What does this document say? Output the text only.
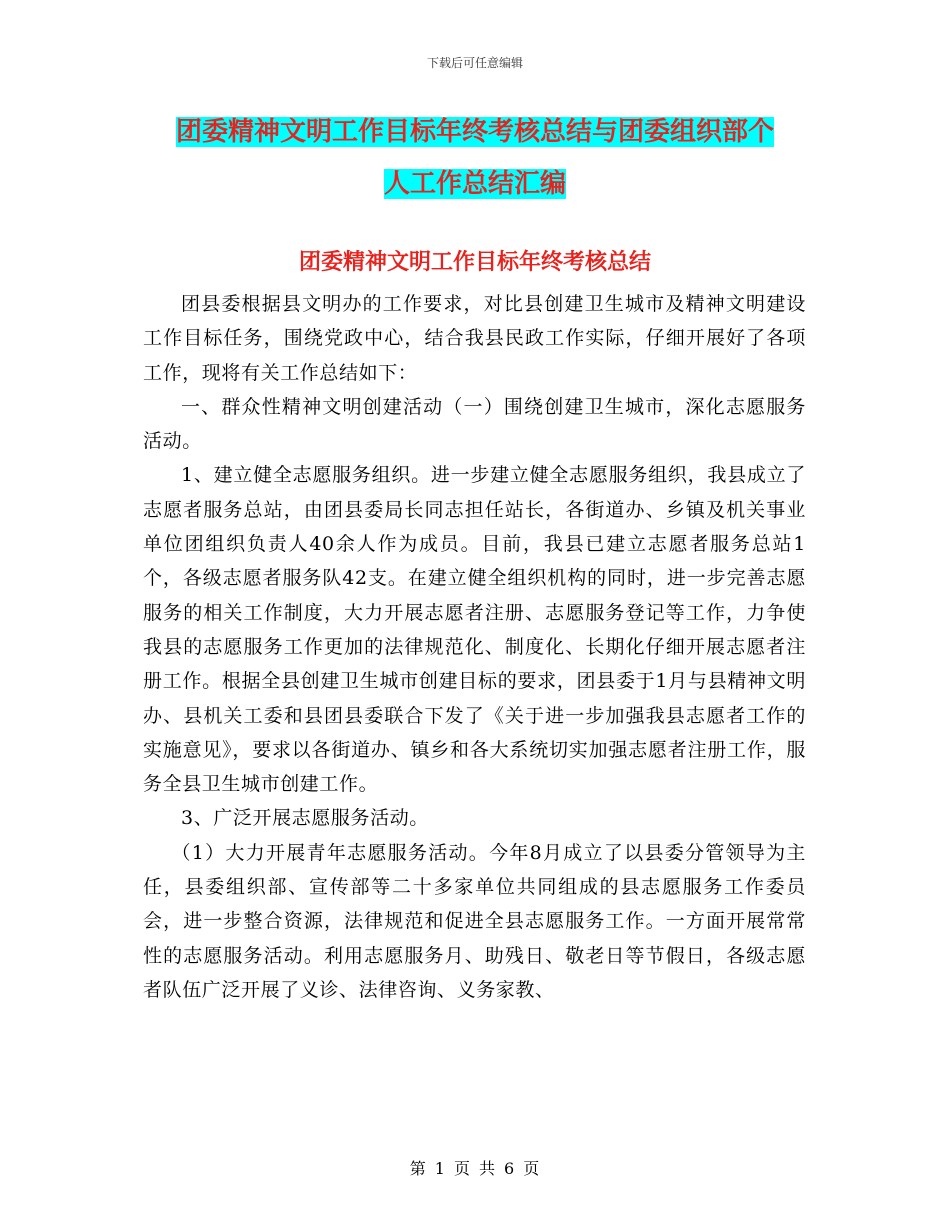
下载后可任意编辑
团委精神文明工作目标年终考核总结与团委组织部个
人工作总结汇编
团委精神文明工作目标年终考核总结

团县委根据县文明办的工作要求，对比县创建卫生城市及精神文明建设工作目标任务，围绕党政中心，结合我县民政工作实际，仔细开展好了各项工作，现将有关工作总结如下：

一、群众性精神文明创建活动（一）围绕创建卫生城市，深化志愿服务活动。

1、建立健全志愿服务组织。进一步建立健全志愿服务组织，我县成立了志愿者服务总站，由团县委局长同志担任站长，各街道办、乡镇及机关事业单位团组织负责人40余人作为成员。目前，我县已建立志愿者服务总站1个，各级志愿者服务队42支。在建立健全组织机构的同时，进一步完善志愿服务的相关工作制度，大力开展志愿者注册、志愿服务登记等工作，力争使我县的志愿服务工作更加的法律规范化、制度化、长期化仔细开展志愿者注册工作。根据全县创建卫生城市创建目标的要求，团县委于1月与县精神文明办、县机关工委和县团县委联合下发了《关于进一步加强我县志愿者工作的实施意见》，要求以各街道办、镇乡和各大系统切实加强志愿者注册工作，服务全县卫生城市创建工作。

3、广泛开展志愿服务活动。

（1）大力开展青年志愿服务活动。今年8月成立了以县委分管领导为主任，县委组织部、宣传部等二十多家单位共同组成的县志愿服务工作委员会，进一步整合资源，法律规范和促进全县志愿服务工作。一方面开展常常性的志愿服务活动。利用志愿服务月、助残日、敬老日等节假日，各级志愿者队伍广泛开展了义诊、法律咨询、义务家教、

第 1 页 共 6 页
